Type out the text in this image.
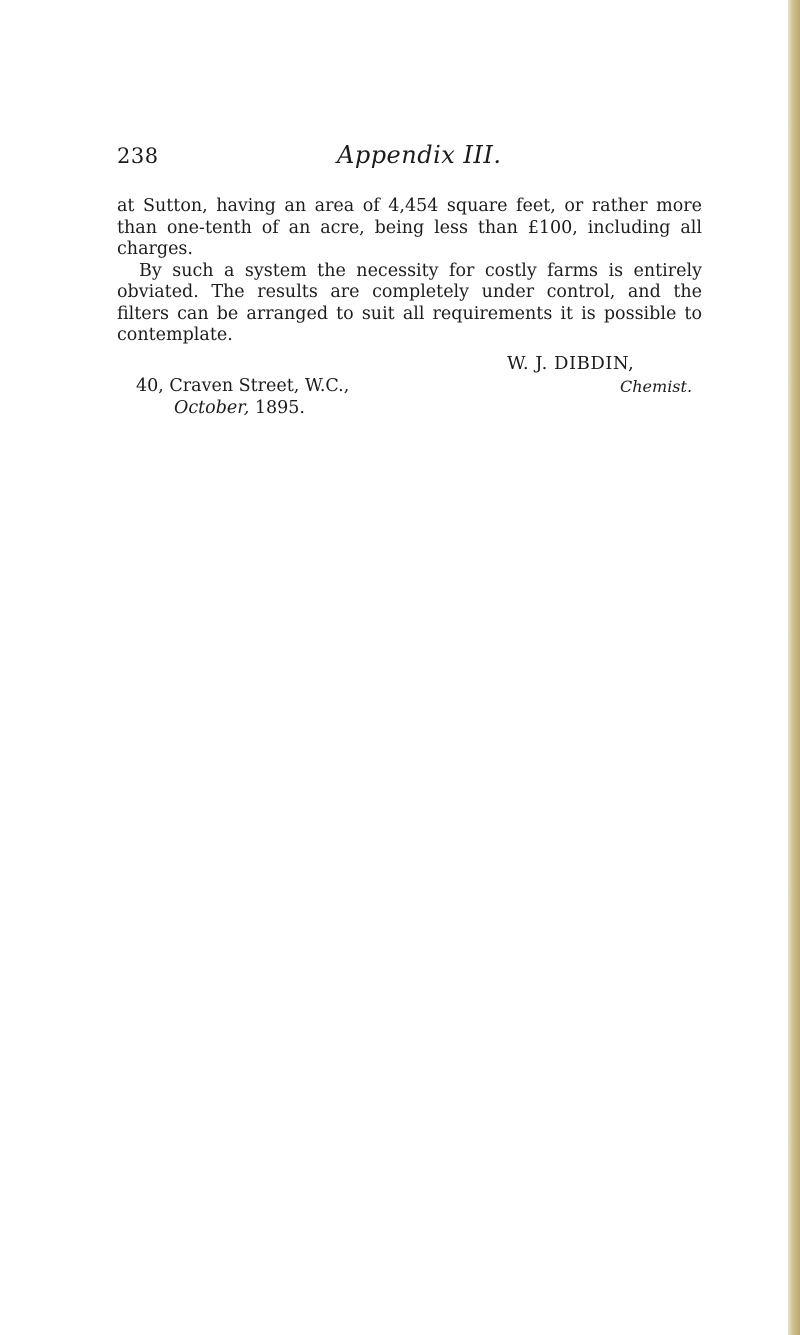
238	Appendix III.

at Sutton, having an area of 4,454 square feet, or rather more than one-tenth of an acre, being less than £100, including all charges.

By such a system the necessity for costly farms is entirely obviated. The results are completely under control, and the filters can be arranged to suit all requirements it is possible to contemplate.

W. J. DIBDIN,
40, Craven Street, W.C.,	Chemist.
October, 1895.
